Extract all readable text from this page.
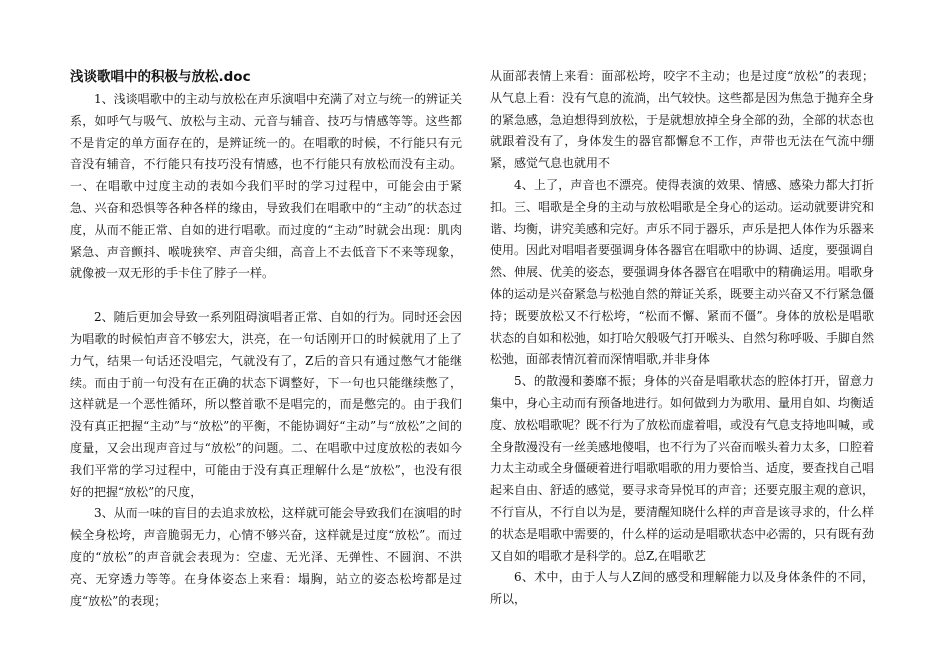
浅谈歌唱中的积极与放松.doc

1、浅谈唱歌中的主动与放松在声乐演唱中充满了对立与统一的辨证关系，如呼气与吸气、放松与主动、元音与辅音、技巧与情感等等。这些都不是肯定的单方面存在的，是辨证统一的。在唱歌的时候，不行能只有元音没有辅音，不行能只有技巧没有情感，也不行能只有放松而没有主动。一、在唱歌中过度主动的表如今我们平时的学习过程中，可能会由于紧急、兴奋和恐惧等各种各样的缘由，导致我们在唱歌中的“主动”的状态过度，从而不能正常、自如的进行唱歌。而过度的“主动”时就会出现：肌肉紧急、声音颤抖、喉咙狭窄、声音尖细，高音上不去低音下不来等现象，就像被一双无形的手卡住了脖子一样。

2、随后更加会导致一系列阻碍演唱者正常、自如的行为。同时还会因为唱歌的时候怕声音不够宏大，洪亮，在一句话刚开口的时候就用了上了力气，结果一句话还没唱完，气就没有了，Z后的音只有通过憋气才能继续。而由于前一句没有在正确的状态下调整好，下一句也只能继续憋了，这样就是一个恶性循环，所以整首歌不是唱完的，而是憋完的。由于我们没有真正把握“主动”与“放松”的平衡，不能协调好“主动”与“放松”之间的度量，又会出现声音过与“放松”的问题。二、在唱歌中过度放松的表如今我们平常的学习过程中，可能由于没有真正理解什么是“放松”，也没有很好的把握“放松”的尺度，

3、从而一味的盲目的去追求放松，这样就可能会导致我们在演唱的时候全身松垮，声音脆弱无力，心情不够兴奋，这样就是过度“放松”。而过度的“放松”的声音就会表现为：空虚、无光泽、无弹性、不圆润、不洪亮、无穿透力等等。在身体姿态上来看：塌胸，站立的姿态松垮都是过度“放松”的表现；

从面部表情上来看：面部松垮，咬字不主动；也是过度“放松”的表现；从气息上看：没有气息的流淌，出气较快。这些都是因为焦急于抛弃全身的紧急感，急迫想得到放松，于是就想放掉全身全部的劲，全部的状态也就跟着没有了，身体发生的器官都懈怠不工作，声带也无法在气流中绷紧，感觉气息也就用不

4、上了，声音也不漂亮。使得表演的效果、情感、感染力都大打折扣。三、唱歌是全身的主动与放松唱歌是全身心的运动。运动就要讲究和谐、均衡，讲究美感和完好。声乐不同于器乐，声乐是把人体作为乐器来使用。因此对唱唱者要强调身体各器官在唱歌中的协调、适度，要强调自然、伸展、优美的姿态，要强调身体各器官在唱歌中的精确运用。唱歌身体的运动是兴奋紧急与松弛自然的辩证关系，既要主动兴奋又不行紧急僵持；既要放松又不行松垮，“松而不懈、紧而不僵”。身体的放松是唱歌状态的自如和松弛，如打哈欠般吸气打开喉头、自然匀称呼吸、手脚自然松弛，面部表情沉着而深情唱歌,并非身体

5、的散漫和萎靡不振；身体的兴奋是唱歌状态的腔体打开，留意力集中，身心主动而有预备地进行。如何做到力为歌用、量用自如、均衡适度、放松唱歌呢？既不行为了放松而虚着唱，或没有气息支持地叫喊，或全身散漫没有一丝美感地傻唱，也不行为了兴奋而喉头着力太多，口腔着力太主动或全身僵硬着进行唱歌唱歌的用力要恰当、适度，要查找自己唱起来自由、舒适的感觉，要寻求奇异悦耳的声音；还要克服主观的意识，不行盲从，不行自以为是，要清醒知晓什么样的声音是该寻求的，什么样的状态是唱歌中需要的，什么样的运动是唱歌状态中必需的，只有既有劲又自如的唱歌才是科学的。总Z,在唱歌艺

6、术中，由于人与人Z间的感受和理解能力以及身体条件的不同，所以，
